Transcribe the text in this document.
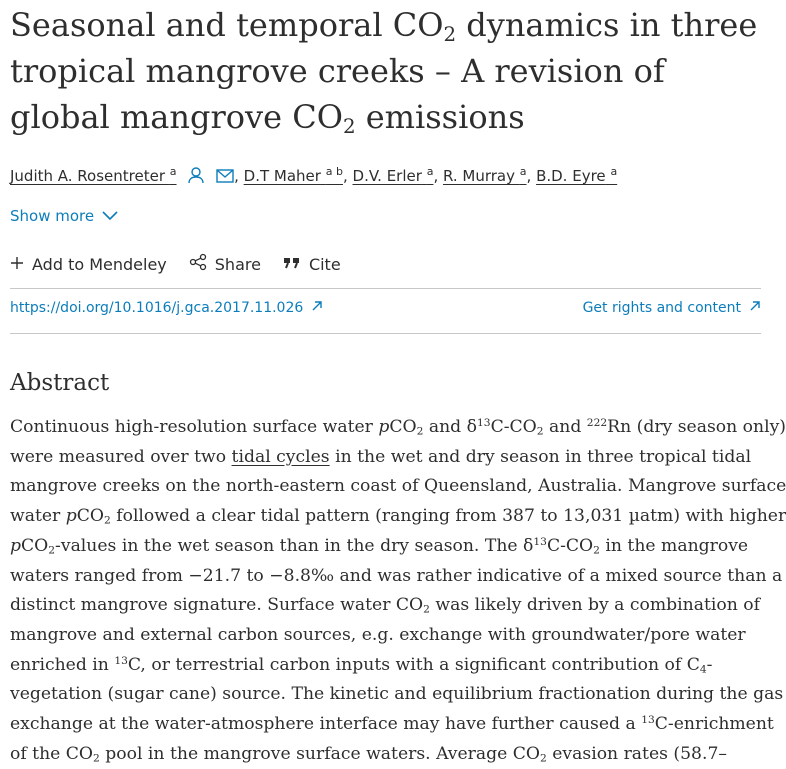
Seasonal and temporal $CO_2$ dynamics in three tropical mangrove creeks – A revision of global mangrove $CO_2$ emissions
Judith A. Rosentreter $^a$	, D.T Maher $^{a b}$, D.V. Erler $^a$, R. Murray $^a$, B.D. Eyre $^a$
Show more
Add to Mendeley	Share	Cite
https://doi.org/10.1016/j.gca.2017.11.026	Get rights and content
Abstract
Continuous high-resolution surface water pCO$_2$ and $\delta^{13}C-CO_2$ and $^{222}$Rn (dry season only)
were measured over two tidal cycles in the wet and dry season in three tropical tidal
mangrove creeks on the north-eastern coast of Queensland, Australia. Mangrove surface
water pCO$_2$ followed a clear tidal pattern (ranging from 387 to 13,031 µatm) with higher
pCO$_2$-values in the wet season than in the dry season. The $\delta^{13}C-CO_2$ in the mangrove
waters ranged from −21.7 to −8.8‰ and was rather indicative of a mixed source than a
distinct mangrove signature. Surface water $CO_2$ was likely driven by a combination of
mangrove and external carbon sources, e.g. exchange with groundwater/pore water
enriched in $^{13}$C, or terrestrial carbon inputs with a significant contribution of $C_4-$
vegetation (sugar cane) source. The kinetic and equilibrium fractionation during the gas
exchange at the water-atmosphere interface may have further caused a $^{13}$C-enrichment
of the $CO_2$ pool in the mangrove surface waters. Average $CO_2$ evasion rates (58.7–
